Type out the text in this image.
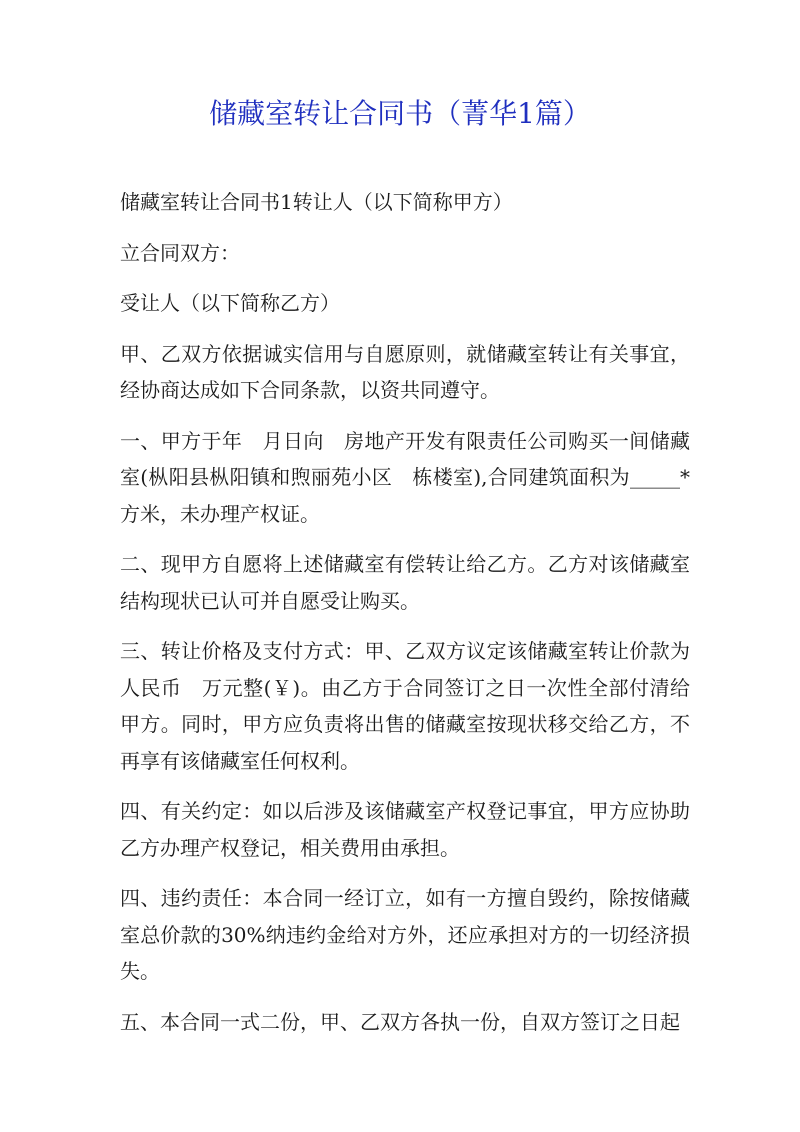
储藏室转让合同书（菁华1篇）

储藏室转让合同书1转让人（以下简称甲方）

立合同双方：

受让人（以下简称乙方）

甲、乙双方依据诚实信用与自愿原则，就储藏室转让有关事宜，经协商达成如下合同条款，以资共同遵守。

一、甲方于年　月日向　房地产开发有限责任公司购买一间储藏室(枞阳县枞阳镇和煦丽苑小区　栋楼室),合同建筑面积为_____*方米，未办理产权证。

二、现甲方自愿将上述储藏室有偿转让给乙方。乙方对该储藏室结构现状已认可并自愿受让购买。

三、转让价格及支付方式：甲、乙双方议定该储藏室转让价款为人民币　万元整(￥)。由乙方于合同签订之日一次性全部付清给甲方。同时，甲方应负责将出售的储藏室按现状移交给乙方，不再享有该储藏室任何权利。

四、有关约定：如以后涉及该储藏室产权登记事宜，甲方应协助乙方办理产权登记，相关费用由承担。

四、违约责任：本合同一经订立，如有一方擅自毁约，除按储藏室总价款的30%纳违约金给对方外，还应承担对方的一切经济损失。

五、本合同一式二份，甲、乙双方各执一份，自双方签订之日起
